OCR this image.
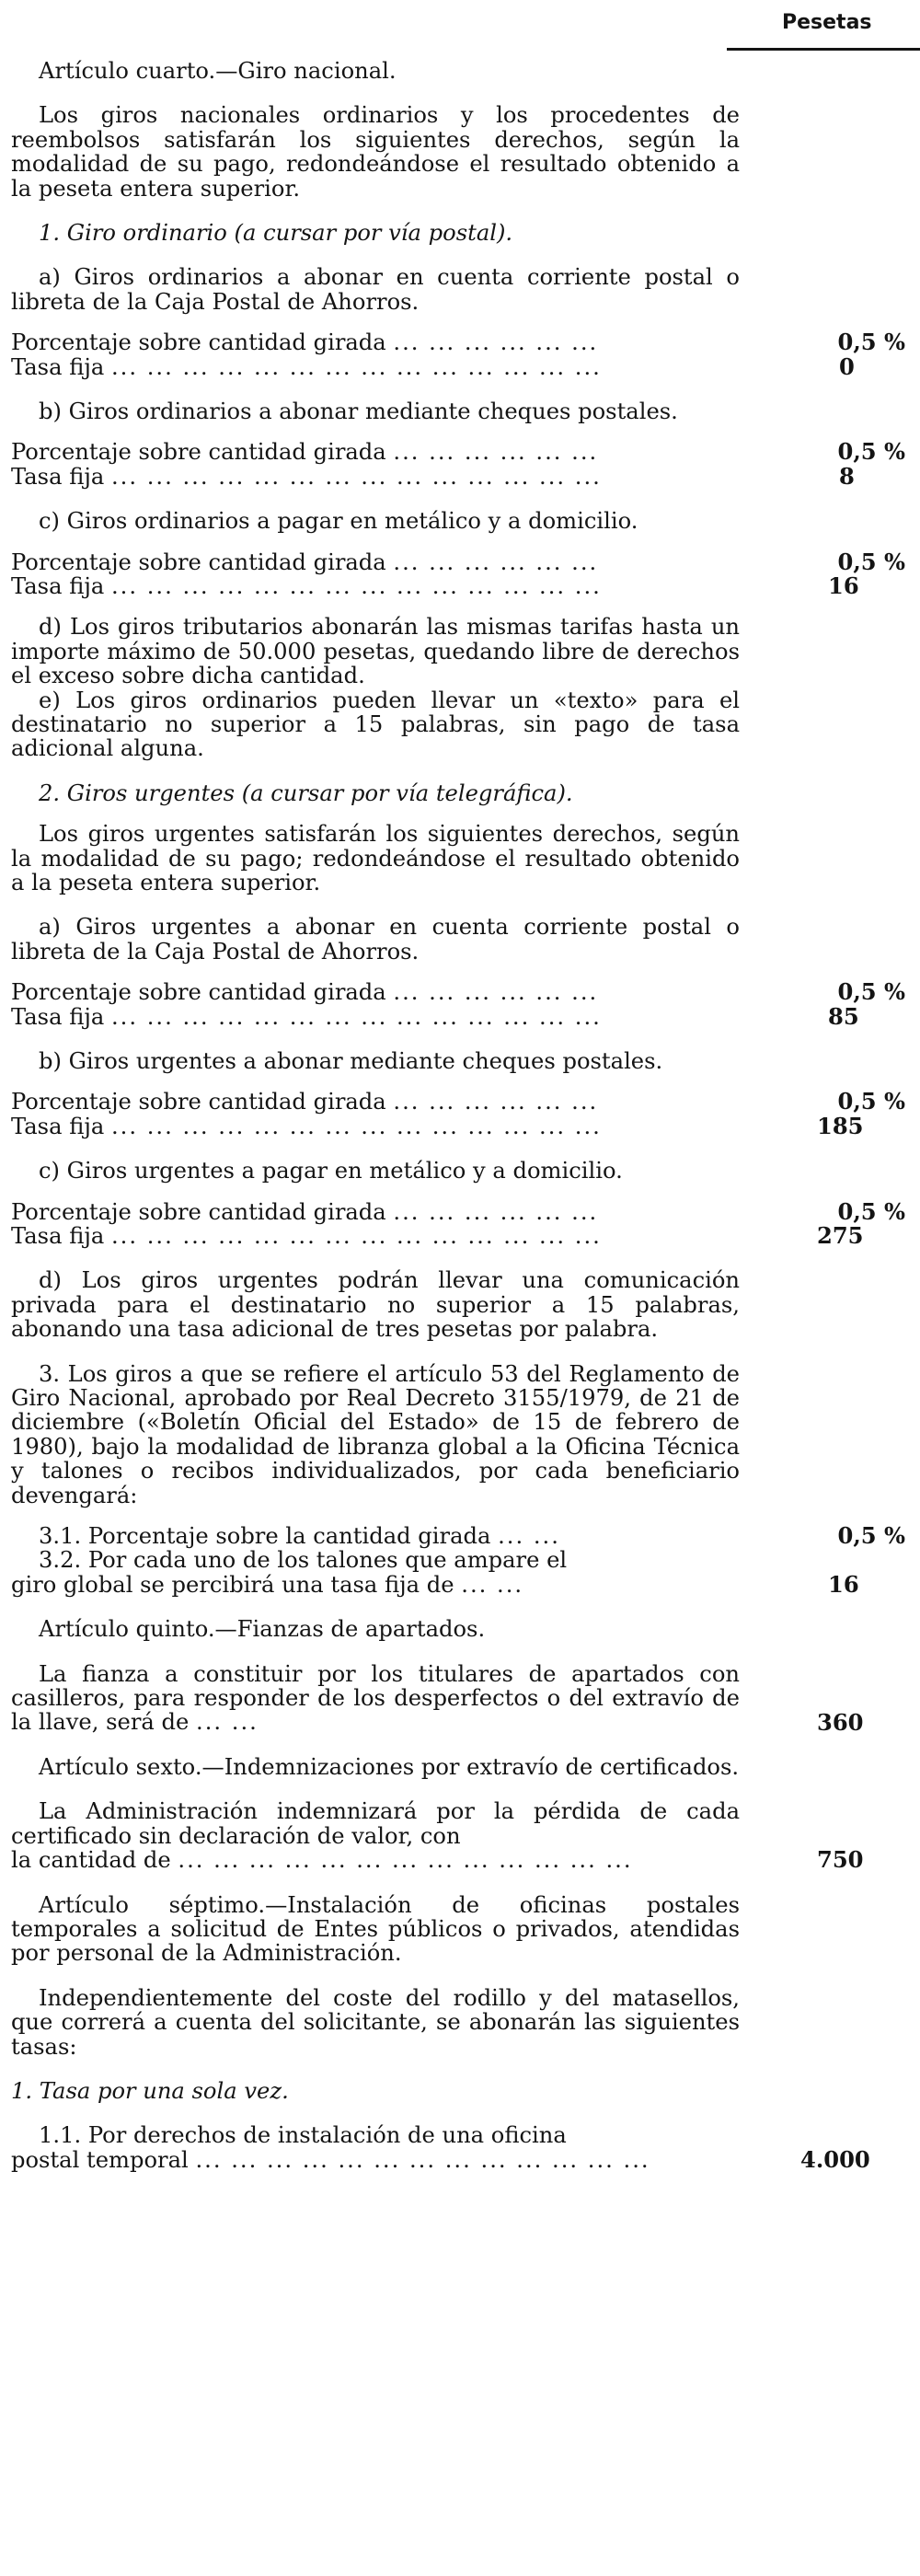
Pesetas

Artículo cuarto.—Giro nacional.

Los giros nacionales ordinarios y los procedentes de reembolsos satisfarán los siguientes derechos, según la modalidad de su pago, redondeándose el resultado obtenido a la peseta entera superior.

1. Giro ordinario (a cursar por vía postal).

a) Giros ordinarios a abonar en cuenta corriente postal o libreta de la Caja Postal de Ahorros.

Porcentaje sobre cantidad girada ... ... ... ... ... ...	0,5 %
Tasa fija ... ... ... ... ... ... ... ... ... ... ... ... ... ...	0

b) Giros ordinarios a abonar mediante cheques postales.

Porcentaje sobre cantidad girada ... ... ... ... ... ...	0,5 %
Tasa fija ... ... ... ... ... ... ... ... ... ... ... ... ... ...	8

c) Giros ordinarios a pagar en metálico y a domicilio.

Porcentaje sobre cantidad girada ... ... ... ... ... ...	0,5 %
Tasa fija ... ... ... ... ... ... ... ... ... ... ... ... ... ...	16

d) Los giros tributarios abonarán las mismas tarifas hasta un importe máximo de 50.000 pesetas, quedando libre de derechos el exceso sobre dicha cantidad.

e) Los giros ordinarios pueden llevar un «texto» para el destinatario no superior a 15 palabras, sin pago de tasa adicional alguna.

2. Giros urgentes (a cursar por vía telegráfica).

Los giros urgentes satisfarán los siguientes derechos, según la modalidad de su pago; redondeándose el resultado obtenido a la peseta entera superior.

a) Giros urgentes a abonar en cuenta corriente postal o libreta de la Caja Postal de Ahorros.

Porcentaje sobre cantidad girada ... ... ... ... ... ...	0,5 %
Tasa fija ... ... ... ... ... ... ... ... ... ... ... ... ... ...	85

b) Giros urgentes a abonar mediante cheques postales.

Porcentaje sobre cantidad girada ... ... ... ... ... ...	0,5 %
Tasa fija ... ... ... ... ... ... ... ... ... ... ... ... ... ...	185

c) Giros urgentes a pagar en metálico y a domicilio.

Porcentaje sobre cantidad girada ... ... ... ... ... ...	0,5 %
Tasa fija ... ... ... ... ... ... ... ... ... ... ... ... ... ...	275

d) Los giros urgentes podrán llevar una comunicación privada para el destinatario no superior a 15 palabras, abonando una tasa adicional de tres pesetas por palabra.

3. Los giros a que se refiere el artículo 53 del Reglamento de Giro Nacional, aprobado por Real Decreto 3155/1979, de 21 de diciembre («Boletín Oficial del Estado» de 15 de febrero de 1980), bajo la modalidad de libranza global a la Oficina Técnica y talones o recibos individualizados, por cada beneficiario devengará:

3.1. Porcentaje sobre la cantidad girada ... ...	0,5 %
3.2. Por cada uno de los talones que ampare el
giro global se percibirá una tasa fija de ... ...	16

Artículo quinto.—Fianzas de apartados.

La fianza a constituir por los titulares de apartados con casilleros, para responder de los desperfectos o del extravío de la llave, será de ... ...	360

Artículo sexto.—Indemnizaciones por extravío de certificados.

La Administración indemnizará por la pérdida de cada certificado sin declaración de valor, con

la cantidad de ... ... ... ... ... ... ... ... ... ... ... ... ...	750

Artículo séptimo.—Instalación de oficinas postales temporales a solicitud de Entes públicos o privados, atendidas por personal de la Administración.

Independientemente del coste del rodillo y del matasellos, que correrá a cuenta del solicitante, se abonarán las siguientes tasas:

1. Tasa por una sola vez.

1.1. Por derechos de instalación de una oficina
postal temporal ... ... ... ... ... ... ... ... ... ... ... ... ...	4.000
